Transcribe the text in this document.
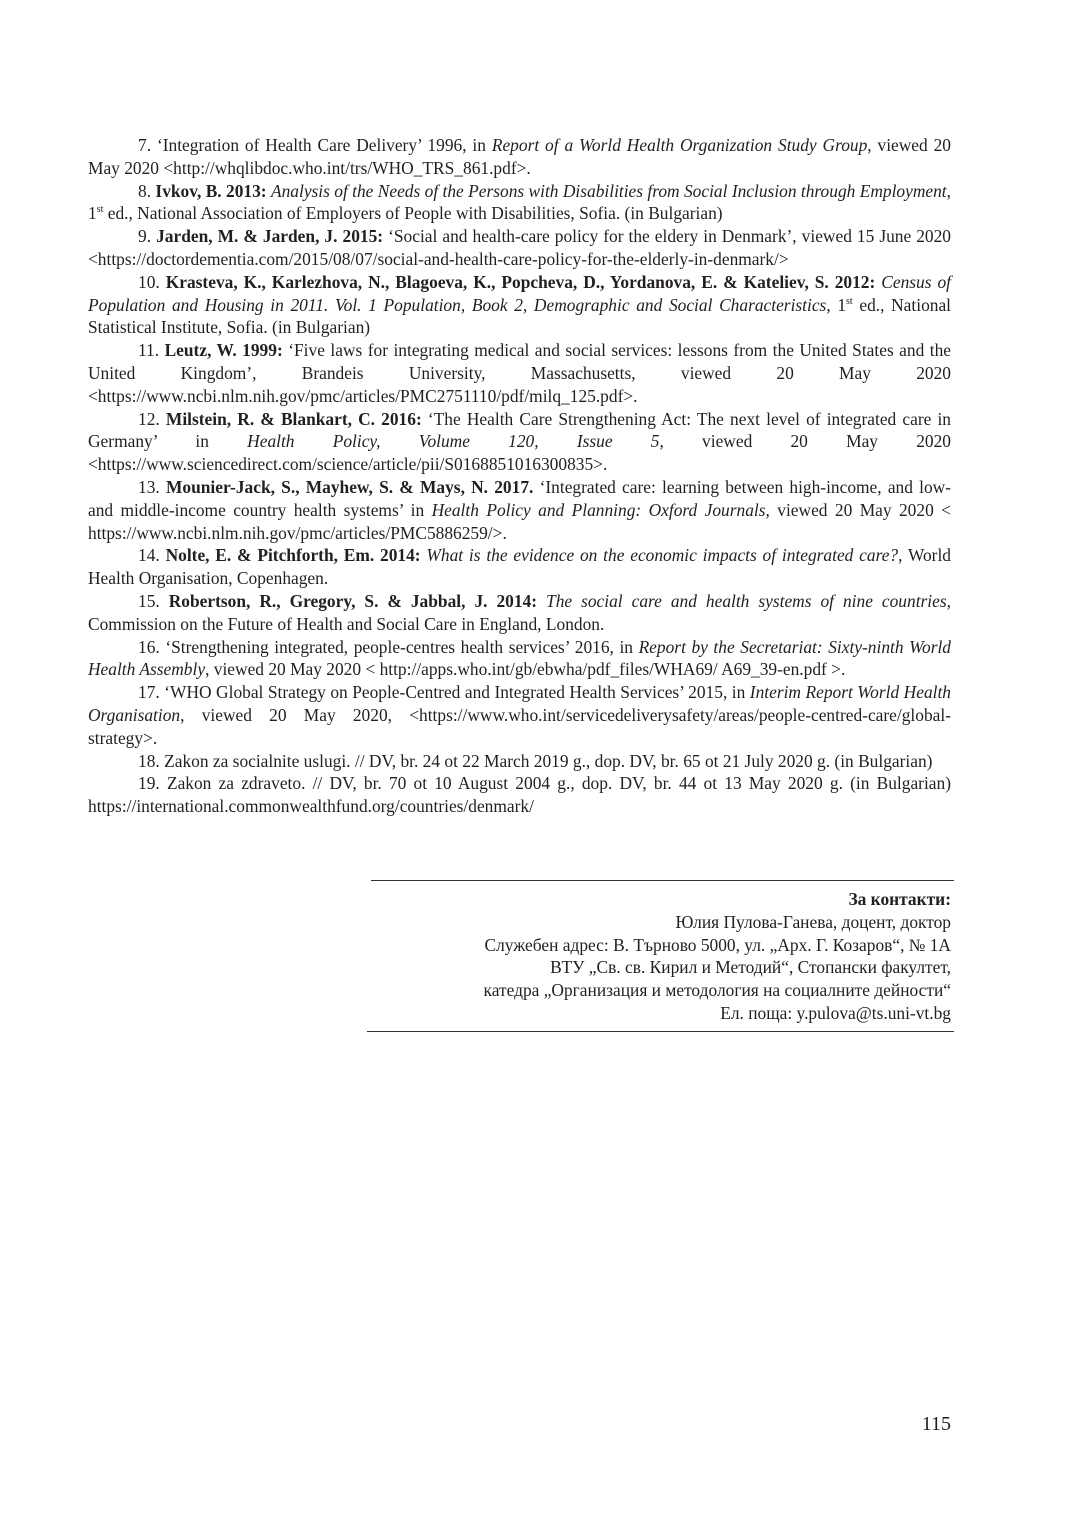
7. ‘Integration of Health Care Delivery’ 1996, in Report of a World Health Organization Study Group, viewed 20 May 2020 <http://whqlibdoc.who.int/trs/WHO_TRS_861.pdf>.

8. Ivkov, B. 2013: Analysis of the Needs of the Persons with Disabilities from Social Inclusion through Employment, 1st ed., National Association of Employers of People with Disabilities, Sofia. (in Bulgarian)

9. Jarden, M. & Jarden, J. 2015: ‘Social and health-care policy for the eldery in Denmark’, viewed 15 June 2020 <https://doctordementia.com/2015/08/07/social-and-health-care-policy-for-the-elderly-in-denmark/>

10. Krasteva, K., Karlezhova, N., Blagoeva, K., Popcheva, D., Yordanova, E. & Kateliev, S. 2012: Census of Population and Housing in 2011. Vol. 1 Population, Book 2, Demographic and Social Characteristics, 1st ed., National Statistical Institute, Sofia. (in Bulgarian)

11. Leutz, W. 1999: ‘Five laws for integrating medical and social services: lessons from the United States and the United Kingdom’, Brandeis University, Massachusetts, viewed 20 May 2020 <https://www.ncbi.nlm.nih.gov/pmc/articles/PMC2751110/pdf/milq_125.pdf>.

12. Milstein, R. & Blankart, C. 2016: ‘The Health Care Strengthening Act: The next level of integrated care in Germany’ in Health Policy, Volume 120, Issue 5, viewed 20 May 2020 <https://www.sciencedirect.com/science/article/pii/S0168851016300835>.

13. Mounier-Jack, S., Mayhew, S. & Mays, N. 2017. ‘Integrated care: learning between high-income, and low- and middle-income country health systems’ in Health Policy and Planning: Oxford Journals, viewed 20 May 2020 < https://www.ncbi.nlm.nih.gov/pmc/articles/PMC5886259/>.

14. Nolte, E. & Pitchforth, Em. 2014: What is the evidence on the economic impacts of integrated care?, World Health Organisation, Copenhagen.

15. Robertson, R., Gregory, S. & Jabbal, J. 2014: The social care and health systems of nine countries, Commission on the Future of Health and Social Care in England, London.

16. ‘Strengthening integrated, people-centres health services’ 2016, in Report by the Secretariat: Sixty-ninth World Health Assembly, viewed 20 May 2020 < http://apps.who.int/gb/ebwha/pdf_files/WHA69/ A69_39-en.pdf >.

17. ‘WHO Global Strategy on People-Centred and Integrated Health Services’ 2015, in Interim Report World Health Organisation, viewed 20 May 2020, <https://www.who.int/servicedeliverysafety/areas/people-centred-care/global-strategy>.

18. Zakon za socialnite uslugi. // DV, br. 24 ot 22 March 2019 g., dop. DV, br. 65 ot 21 July 2020 g. (in Bulgarian)

19. Zakon za zdraveto. // DV, br. 70 ot 10 August 2004 g., dop. DV, br. 44 ot 13 May 2020 g. (in Bulgarian) https://international.commonwealthfund.org/countries/denmark/

За контакти:
Юлия Пулова-Ганева, доцент, доктор
Служебен адрес: В. Търново 5000, ул. „Арх. Г. Козаров“, № 1А
ВТУ „Св. св. Кирил и Методий“, Стопански факултет,
катедра „Организация и методология на социалните дейности“
Ел. поща: y.pulova@ts.uni-vt.bg
115
